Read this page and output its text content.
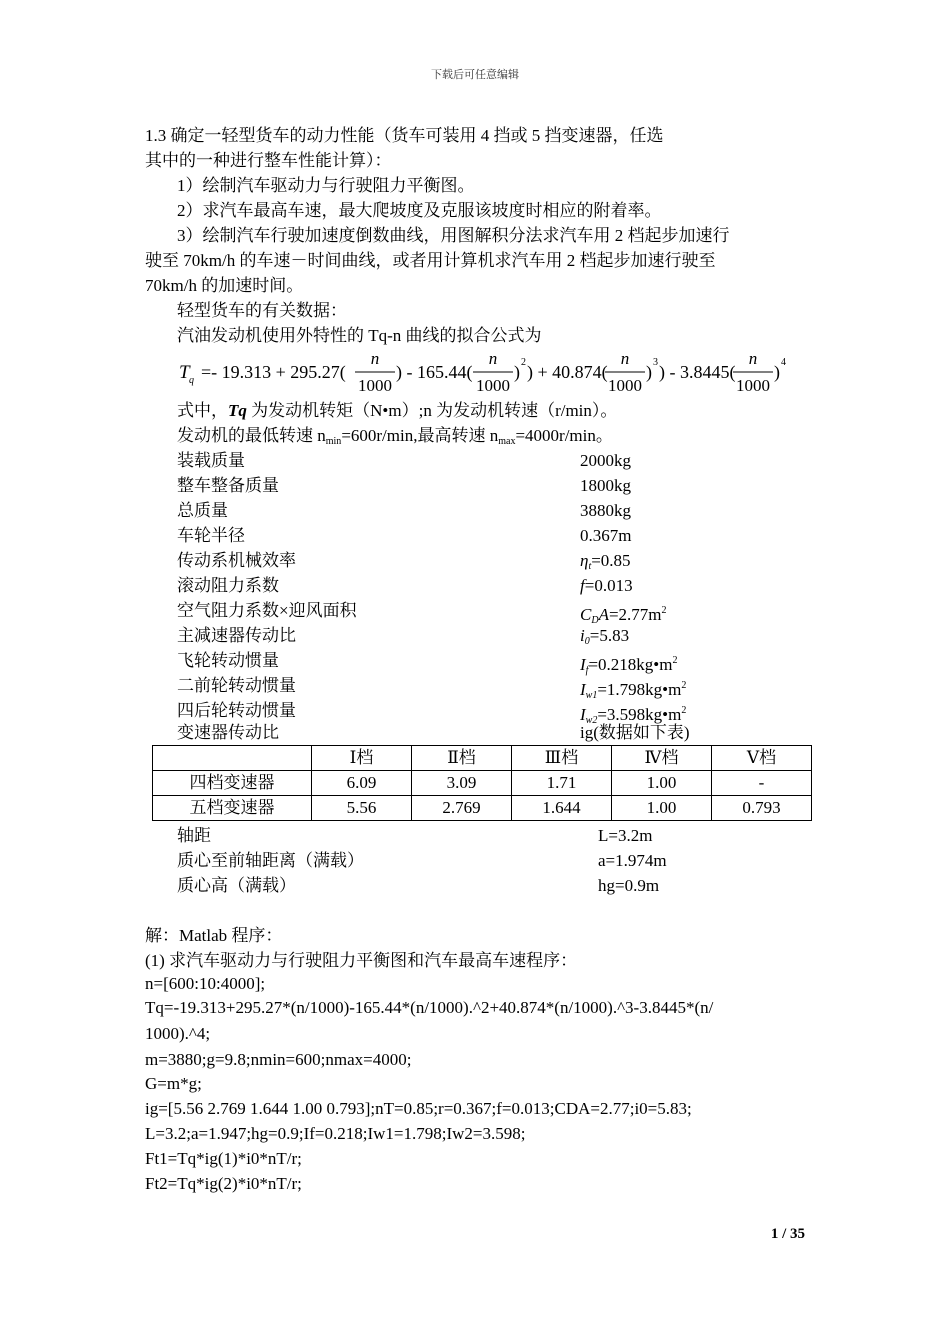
下载后可任意编辑
1.3 确定一轻型货车的动力性能（货车可装用 4 挡或 5 挡变速器，任选
其中的一种进行整车性能计算）：
1）绘制汽车驱动力与行驶阻力平衡图。
2）求汽车最高车速，最大爬坡度及克服该坡度时相应的附着率。
3）绘制汽车行驶加速度倒数曲线，用图解积分法求汽车用 2 档起步加速行
驶至 70km/h 的车速－时间曲线，或者用计算机求汽车用 2 档起步加速行驶至
70km/h 的加速时间。
轻型货车的有关数据：
汽油发动机使用外特性的 Tq-n 曲线的拟合公式为
T q =- 19.313 + 295.27(
n
1000
) - 165.44(
n
1000
) 2 ) + 40.874(
n
1000
) 3 ) - 3.8445(
n
1000
) 4
式中，Tq 为发动机转矩（N•m）;n 为发动机转速（r/min）。
发动机的最低转速 $n_{min}=600r/\min$,最高转速 $n_{max}=4000r/\min$。
装载质量	2000kg
整车整备质量	1800kg
总质量	3880kg
车轮半径	0.367m
传动系机械效率	$\eta_t=0.85$
滚动阻力系数	f=0.013
空气阻力系数×迎风面积	$C_DA=2.77m^2$
主减速器传动比	$i_0=5.83$
飞轮转动惯量	$I_f=0.218kg•m^2$
二前轮转动惯量	$I_{w1}=1.798kg•m^2$
四后轮转动惯量	$I_{w2}=3.598kg•m^2$
变速器传动比	ig(数据如下表)
	Ⅰ档	Ⅱ档	Ⅲ档	Ⅳ档	Ⅴ档
四档变速器	6.09	3.09	1.71	1.00	-
五档变速器	5.56	2.769	1.644	1.00	0.793
轴距	L=3.2m
质心至前轴距离（满载）	a=1.974m
质心高（满载）	hg=0.9m
解：Matlab 程序：
(1) 求汽车驱动力与行驶阻力平衡图和汽车最高车速程序：
n=[600:10:4000];
Tq=-19.313+295.27*(n/1000)-165.44*(n/1000).^2+40.874*(n/1000).^3-3.8445*(n/
1000).^4;
m=3880;g=9.8;nmin=600;nmax=4000;
G=m*g;
ig=[5.56 2.769 1.644 1.00 0.793];nT=0.85;r=0.367;f=0.013;CDA=2.77;i0=5.83;
L=3.2;a=1.947;hg=0.9;If=0.218;Iw1=1.798;Iw2=3.598;
Ft1=Tq*ig(1)*i0*nT/r;
Ft2=Tq*ig(2)*i0*nT/r;
1 / 35
